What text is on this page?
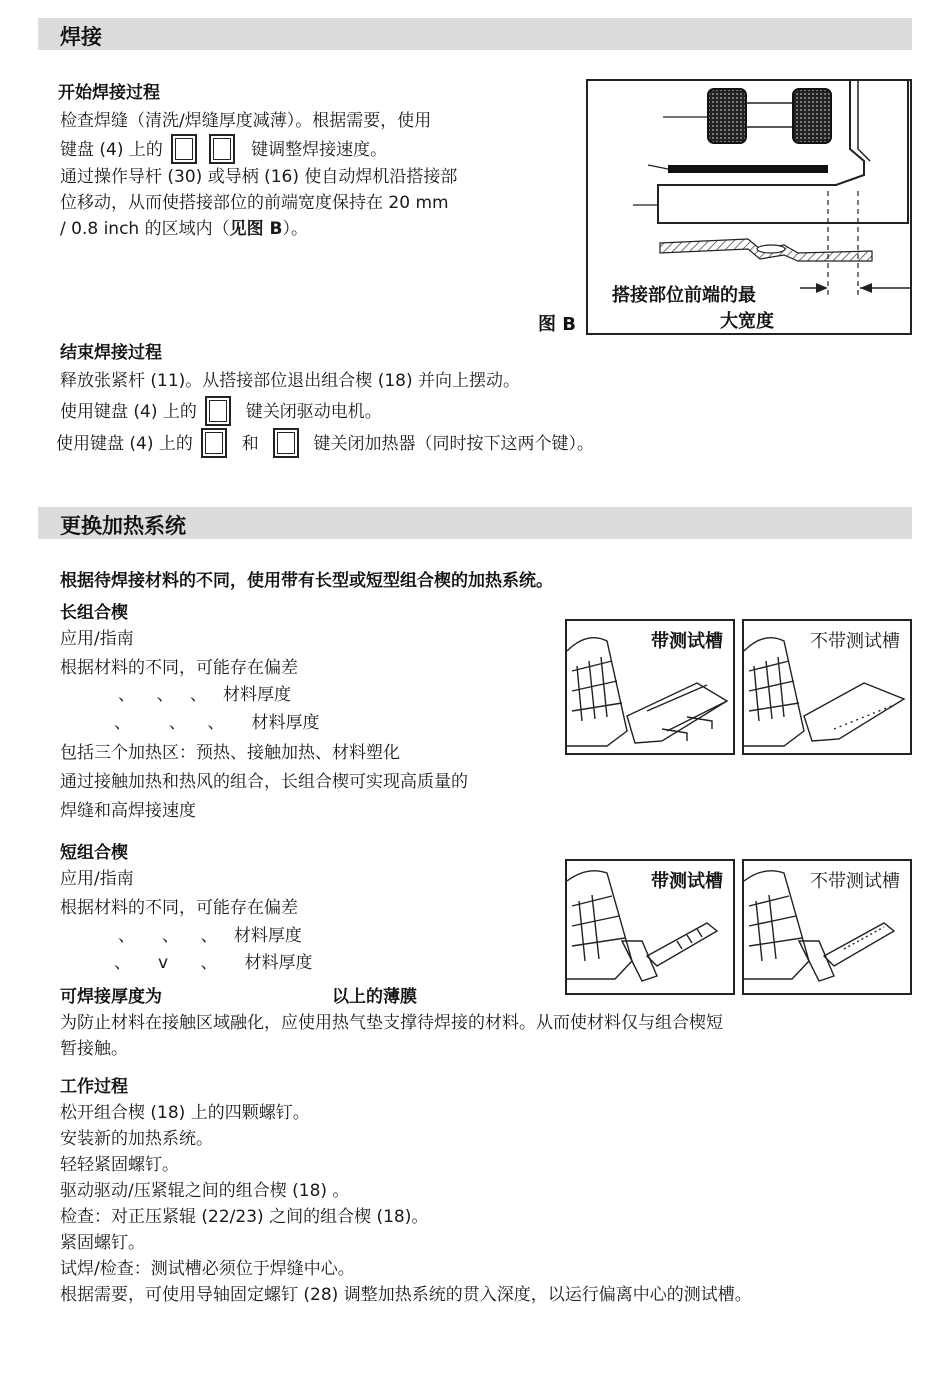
焊接
开始焊接过程
检查焊缝（清洗/焊缝厚度减薄）。根据需要，使用
键盘 (4) 上的	键调整焊接速度。
通过操作导杆 (30) 或导柄 (16) 使自动焊机沿搭接部
位移动，从而使搭接部位的前端宽度保持在 20 mm
/ 0.8 inch 的区域内（见图 B）。
搭接部位前端的最
大宽度
图 B
结束焊接过程
释放张紧杆 (11)。从搭接部位退出组合楔 (18) 并向上摆动。
使用键盘 (4) 上的	键关闭驱动电机。
使用键盘 (4) 上的	和	键关闭加热器（同时按下这两个键）。
更换加热系统
根据待焊接材料的不同，使用带有长型或短型组合楔的加热系统。
长组合楔
应用/指南
根据材料的不同，可能存在偏差
、    、   、   材料厚度
、       、    、     材料厚度
包括三个加热区：预热、接触加热、材料塑化
通过接触加热和热风的组合，长组合楔可实现高质量的
焊缝和高焊接速度
带测试槽	不带测试槽
短组合楔
应用/指南
根据材料的不同，可能存在偏差
、     、    、   材料厚度
、     v      、     材料厚度
带测试槽	不带测试槽
可焊接厚度为	以上的薄膜
为防止材料在接触区域融化，应使用热气垫支撑待焊接的材料。从而使材料仅与组合楔短
暂接触。
工作过程
松开组合楔 (18) 上的四颗螺钉。
安装新的加热系统。
轻轻紧固螺钉。
驱动驱动/压紧辊之间的组合楔 (18) 。
检查：对正压紧辊 (22/23) 之间的组合楔 (18)。
紧固螺钉。
试焊/检查：测试槽必须位于焊缝中心。
根据需要，可使用导轴固定螺钉 (28) 调整加热系统的贯入深度，以运行偏离中心的测试槽。
